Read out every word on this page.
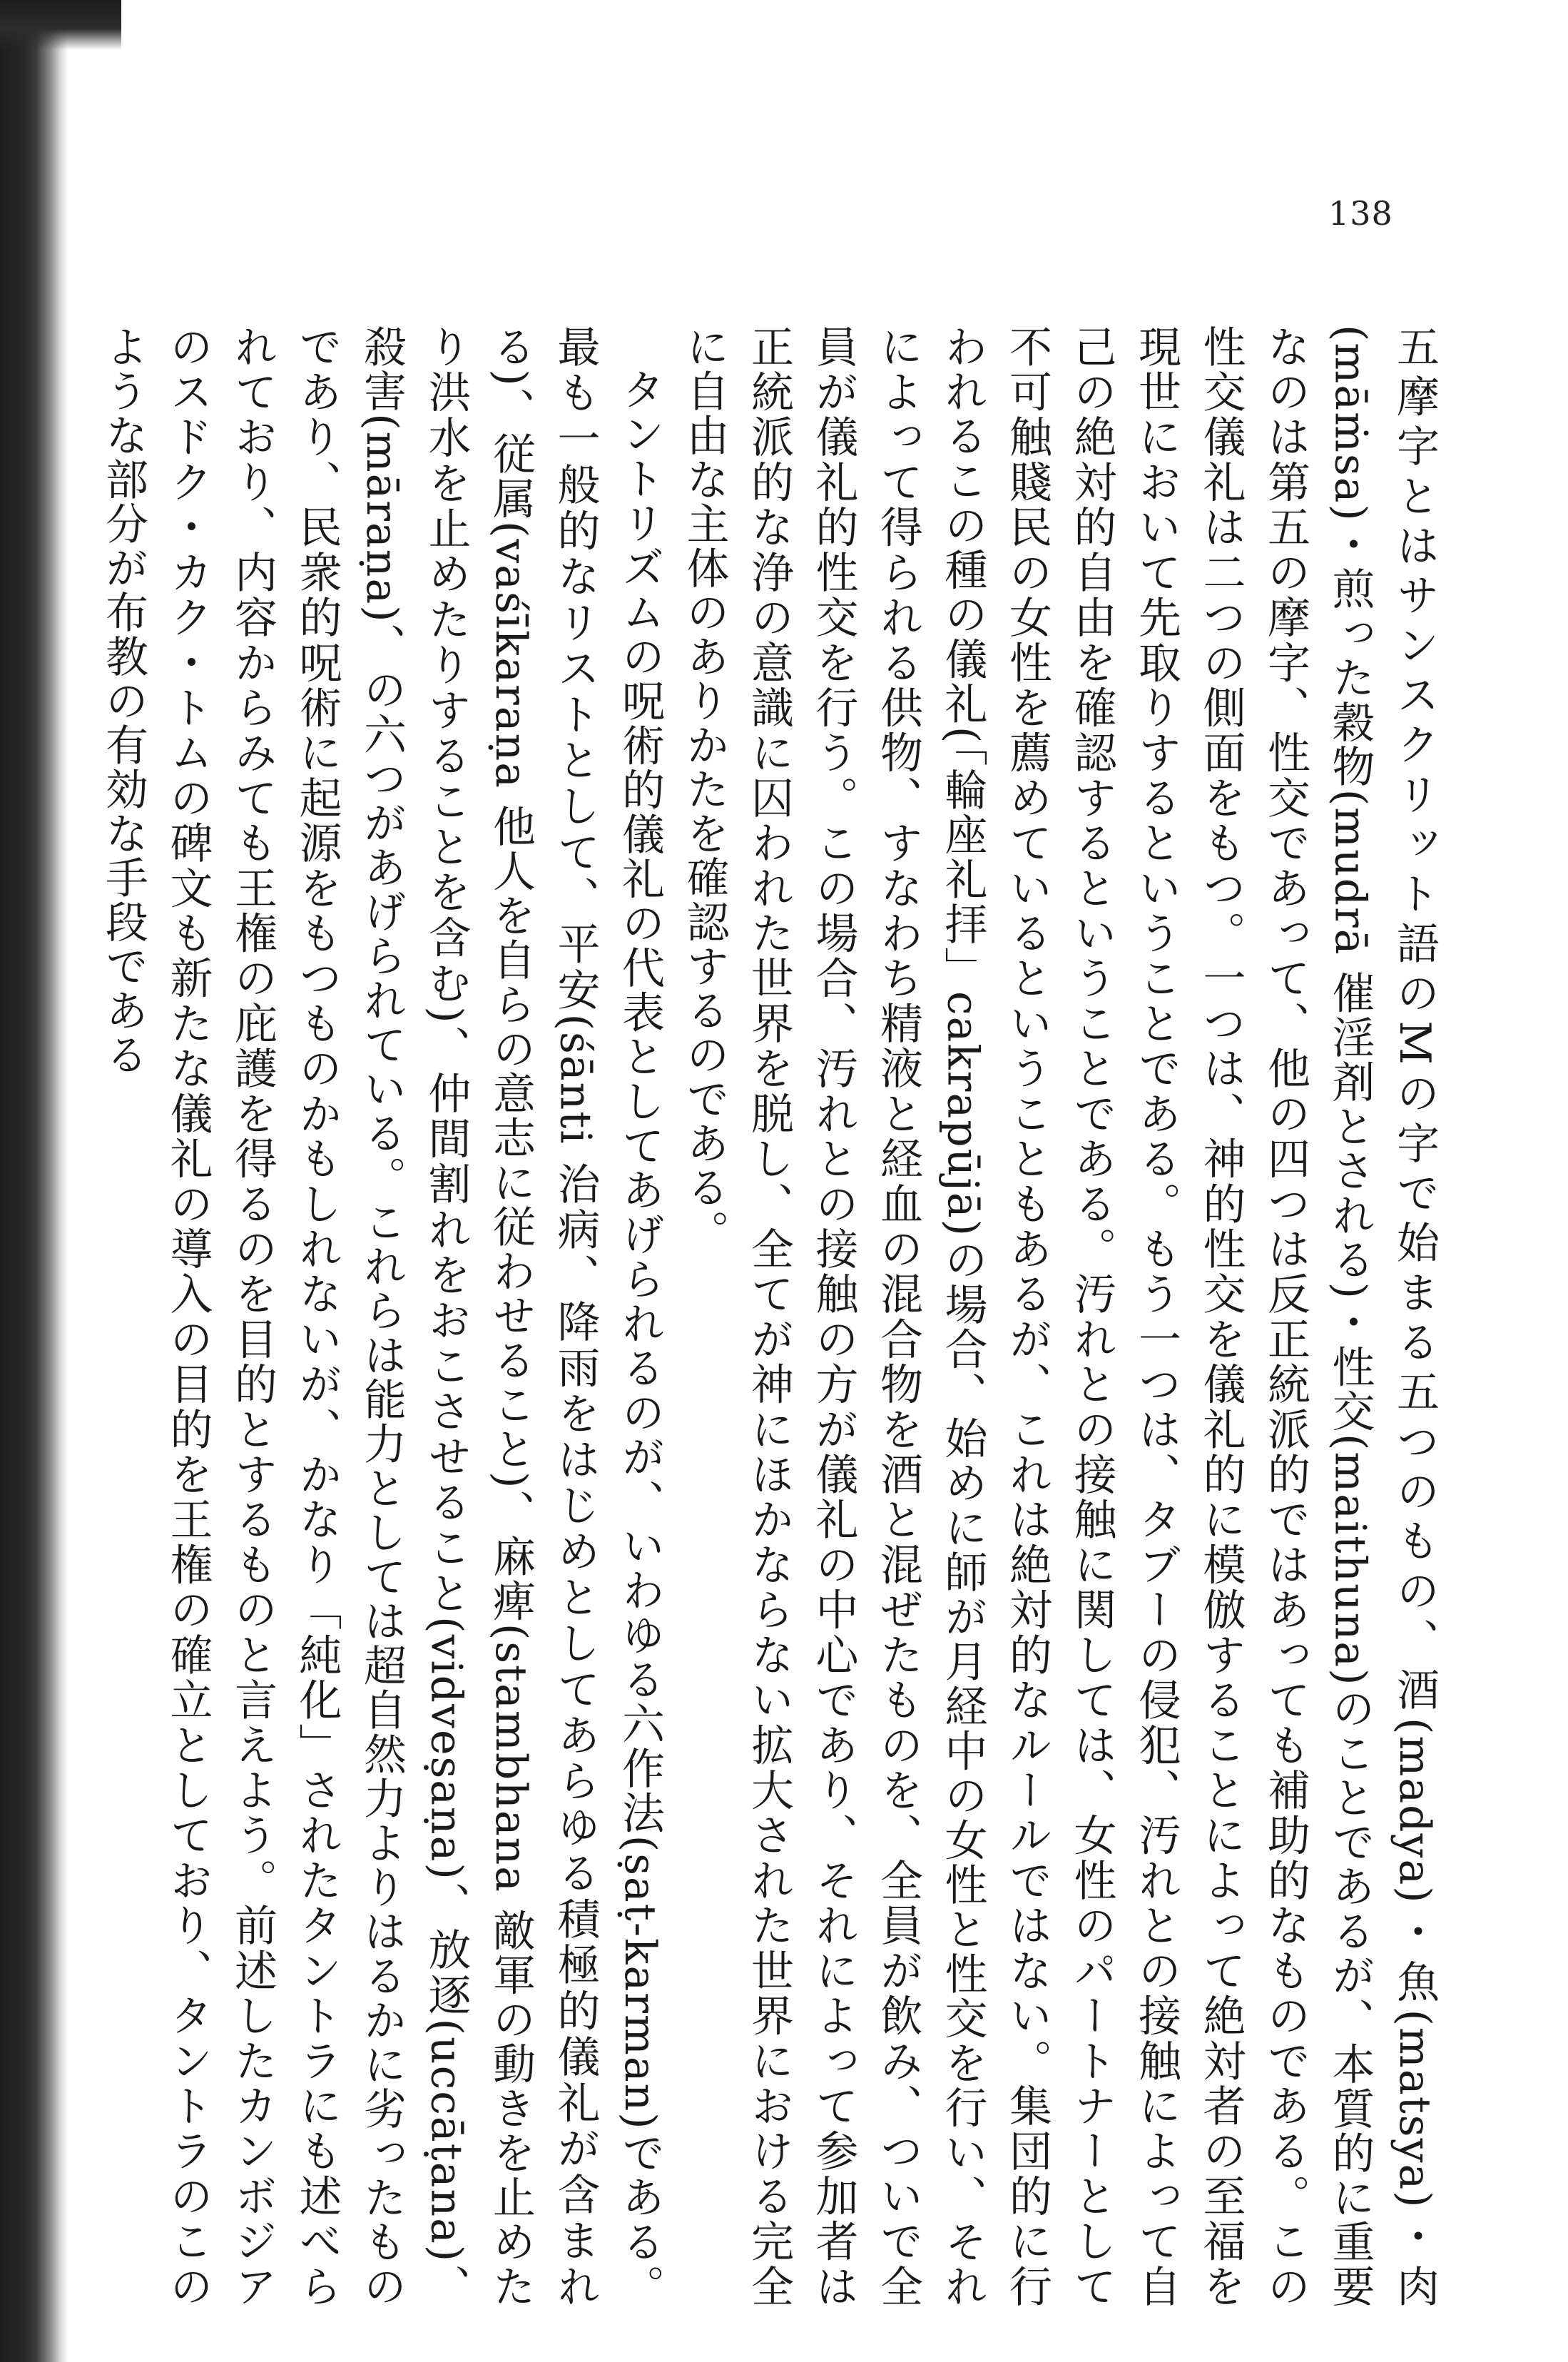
138

五摩字とはサンスクリット語のMの字で始まる五つのもの、酒(madya)・魚(matsya)・肉(māṁsa)・煎った穀物(mudrā 催淫剤とされる)・性交(maithuna)のことであるが、本質的に重要なのは第五の摩字、性交であって、他の四つは反正統派的ではあっても補助的なものである。この性交儀礼は二つの側面をもつ。一つは、神的性交を儀礼的に模倣することによって絶対者の至福を現世において先取りするということである。もう一つは、タブーの侵犯、汚れとの接触によって自己の絶対的自由を確認するということである。汚れとの接触に関しては、女性のパートナーとして不可触賤民の女性を薦めているということもあるが、これは絶対的なルールではない。集団的に行われるこの種の儀礼(「輪座礼拝」cakrapūjā)の場合、始めに師が月経中の女性と性交を行い、それによって得られる供物、すなわち精液と経血の混合物を酒と混ぜたものを、全員が飲み、ついで全員が儀礼的性交を行う。この場合、汚れとの接触の方が儀礼の中心であり、それによって参加者は正統派的な浄の意識に囚われた世界を脱し、全てが神にほかならない拡大された世界における完全に自由な主体のありかたを確認するのである。

タントリズムの呪術的儀礼の代表としてあげられるのが、いわゆる六作法(ṣaṭ-karman)である。最も一般的なリストとして、平安(śānti 治病、降雨をはじめとしてあらゆる積極的儀礼が含まれる)、従属(vaśīkaraṇa 他人を自らの意志に従わせること)、麻痺(stambhana 敵軍の動きを止めたり洪水を止めたりすることを含む)、仲間割れをおこさせること(vidveṣaṇa)、放逐(uccāṭana)、殺害(māraṇa)、の六つがあげられている。これらは能力としては超自然力よりはるかに劣ったものであり、民衆的呪術に起源をもつものかもしれないが、かなり「純化」されたタントラにも述べられており、内容からみても王権の庇護を得るのを目的とするものと言えよう。前述したカンボジアのスドク・カク・トムの碑文も新たな儀礼の導入の目的を王権の確立としており、タントラのこのような部分が布教の有効な手段である
